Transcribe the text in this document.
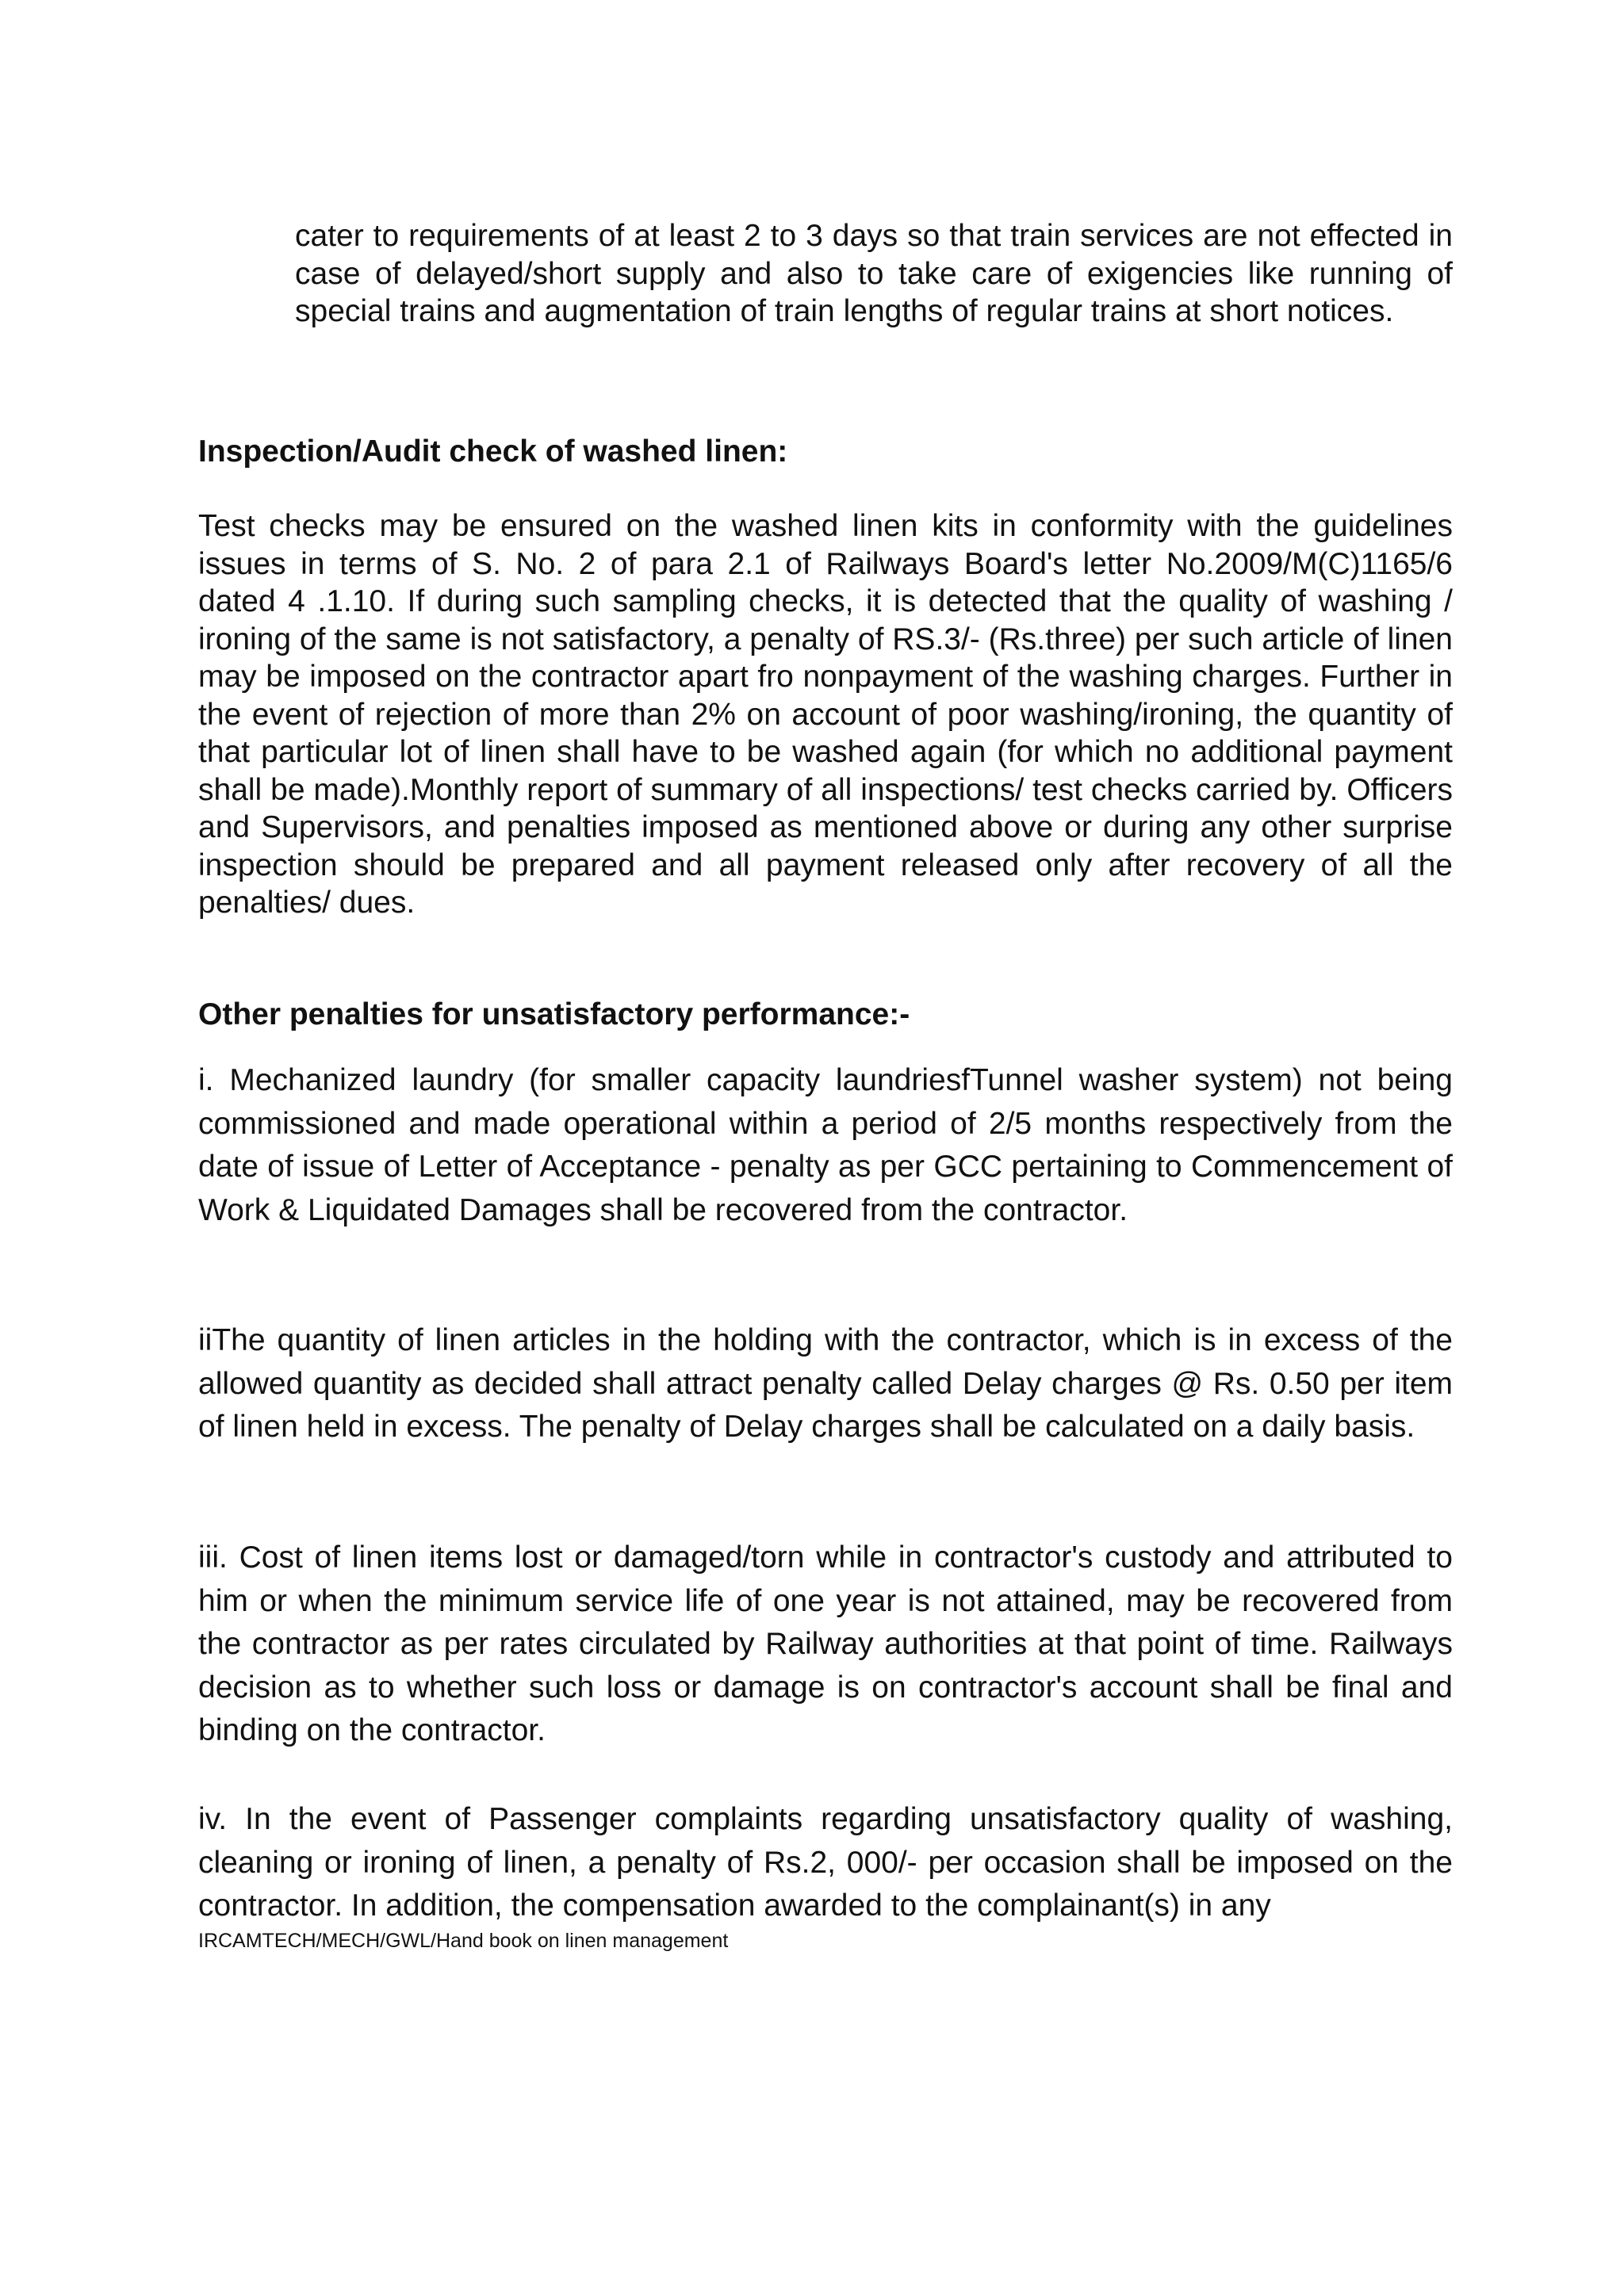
cater to requirements of at least 2 to 3 days so that train services are not effected in case of delayed/short supply and also to take care of exigencies like running of special trains and augmentation of train lengths of regular trains at short notices.

Inspection/Audit check of washed linen:

Test checks may be ensured on the washed linen kits in conformity with the guidelines issues in terms of S. No. 2 of para 2.1 of Railways Board's letter No.2009/M(C)1165/6 dated 4 .1.10. If during such sampling checks, it is detected that the quality of washing / ironing of the same is not satisfactory, a penalty of RS.3/- (Rs.three) per such article of linen may be imposed on the contractor apart fro nonpayment of the washing charges. Further in the event of rejection of more than 2% on account of poor washing/ironing, the quantity of that particular lot of linen shall have to be washed again (for which no additional payment shall be made).Monthly report of summary of all inspections/ test checks carried by. Officers and Supervisors, and penalties imposed as mentioned above or during any other surprise inspection should be prepared and all payment released only after recovery of all the penalties/ dues.

Other penalties for unsatisfactory performance:-

i. Mechanized laundry (for smaller capacity laundriesfTunnel washer system) not being commissioned and made operational within a period of 2/5 months respectively from the date of issue of Letter of Acceptance - penalty as per GCC pertaining to Commencement of Work & Liquidated Damages shall be recovered from the contractor.

iiThe quantity of linen articles in the holding with the contractor, which is in excess of the allowed quantity as decided shall attract penalty called Delay charges @ Rs. 0.50 per item of linen held in excess. The penalty of Delay charges shall be calculated on a daily basis.

iii. Cost of linen items lost or damaged/torn while in contractor's custody and attributed to him or when the minimum service life of one year is not attained, may be recovered from the contractor as per rates circulated by Railway authorities at that point of time. Railways decision as to whether such loss or damage is on contractor's account shall be final and binding on the contractor.

iv. In the event of Passenger complaints regarding unsatisfactory quality of washing, cleaning or ironing of linen, a penalty of Rs.2, 000/- per occasion shall be imposed on the contractor. In addition, the compensation awarded to the complainant(s) in any

IRCAMTECH/MECH/GWL/Hand book on linen management
